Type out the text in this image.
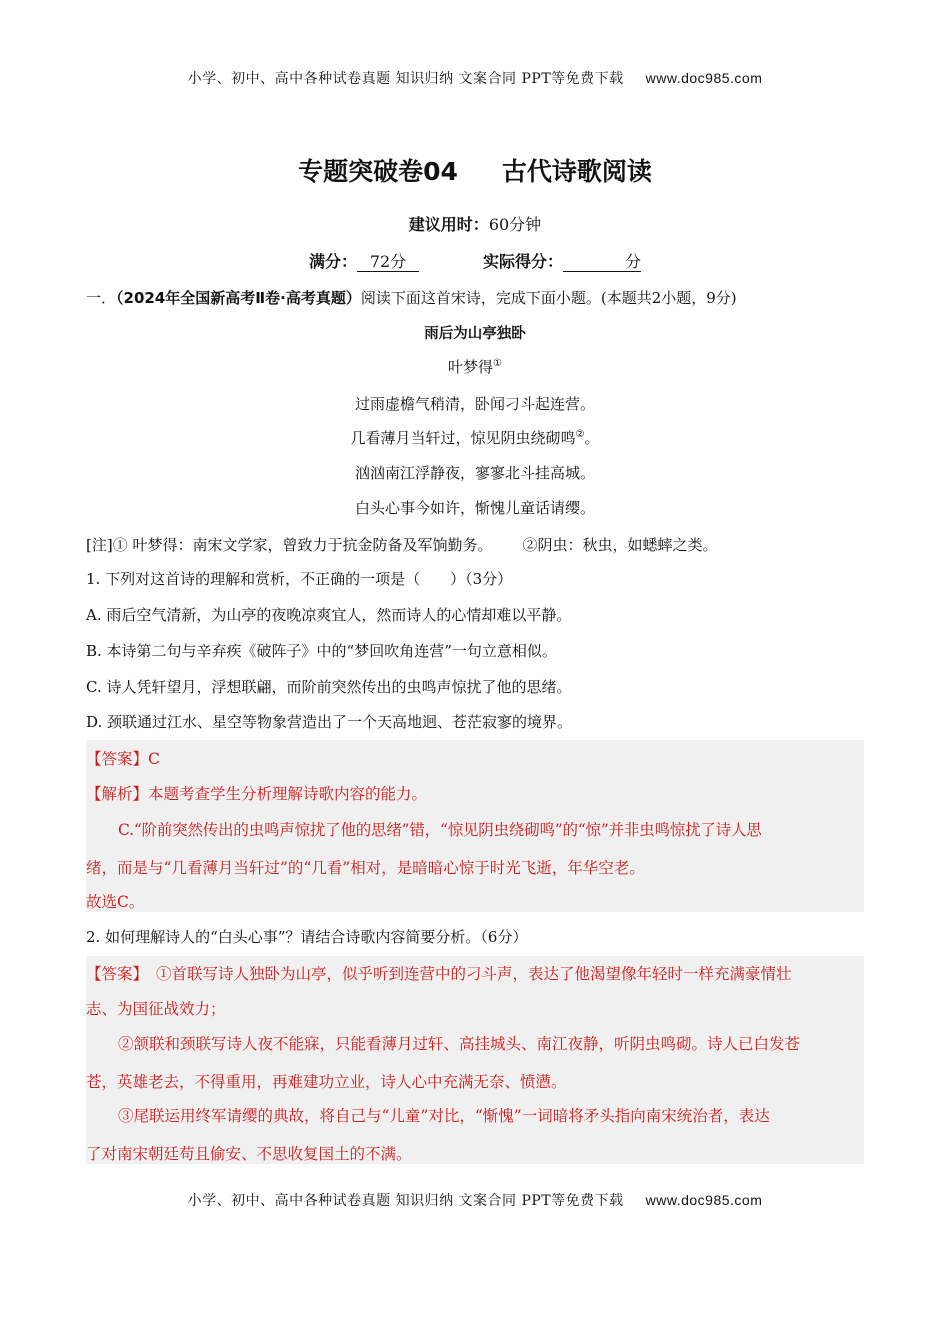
小学、初中、高中各种试卷真题 知识归纳 文案合同 PPT等免费下载 www.doc985.com
专题突破卷04 古代诗歌阅读
建议用时：60分钟
满分： 72分	实际得分：	分
一．（2024年全国新高考Ⅱ卷·高考真题）阅读下面这首宋诗，完成下面小题。(本题共2小题，9分)
雨后为山亭独卧
叶梦得①
过雨虚檐气稍清，卧闻刁斗起连营。
几看薄月当轩过，惊见阴虫绕砌鸣②。
汹汹南江浮静夜，寥寥北斗挂高城。
白头心事今如许，惭愧儿童话请缨。
[注]① 叶梦得：南宋文学家，曾致力于抗金防备及军饷勤务。 ②阴虫：秋虫，如蟋蟀之类。
1. 下列对这首诗的理解和赏析，不正确的一项是（　　）（3分）
A. 雨后空气清新，为山亭的夜晚凉爽宜人，然而诗人的心情却难以平静。
B. 本诗第二句与辛弃疾《破阵子》中的“梦回吹角连营”一句立意相似。
C. 诗人凭轩望月，浮想联翩，而阶前突然传出的虫鸣声惊扰了他的思绪。
D. 颈联通过江水、星空等物象营造出了一个天高地迥、苍茫寂寥的境界。
【答案】C
【解析】本题考查学生分析理解诗歌内容的能力。
C.“阶前突然传出的虫鸣声惊扰了他的思绪”错，“惊见阴虫绕砌鸣”的“惊”并非虫鸣惊扰了诗人思
绪，而是与“几看薄月当轩过”的“几看”相对，是暗暗心惊于时光飞逝，年华空老。
故选C。
2. 如何理解诗人的“白头心事”？请结合诗歌内容简要分析。（6分）
【答案】 ①首联写诗人独卧为山亭，似乎听到连营中的刁斗声，表达了他渴望像年轻时一样充满豪情壮
志、为国征战效力；
②颔联和颈联写诗人夜不能寐，只能看薄月过轩、高挂城头、南江夜静，听阴虫鸣砌。诗人已白发苍
苍，英雄老去，不得重用，再难建功立业，诗人心中充满无奈、愤懑。
③尾联运用终军请缨的典故，将自己与“儿童”对比，“惭愧”一词暗将矛头指向南宋统治者，表达
了对南宋朝廷苟且偷安、不思收复国土的不满。
小学、初中、高中各种试卷真题 知识归纳 文案合同 PPT等免费下载 www.doc985.com
